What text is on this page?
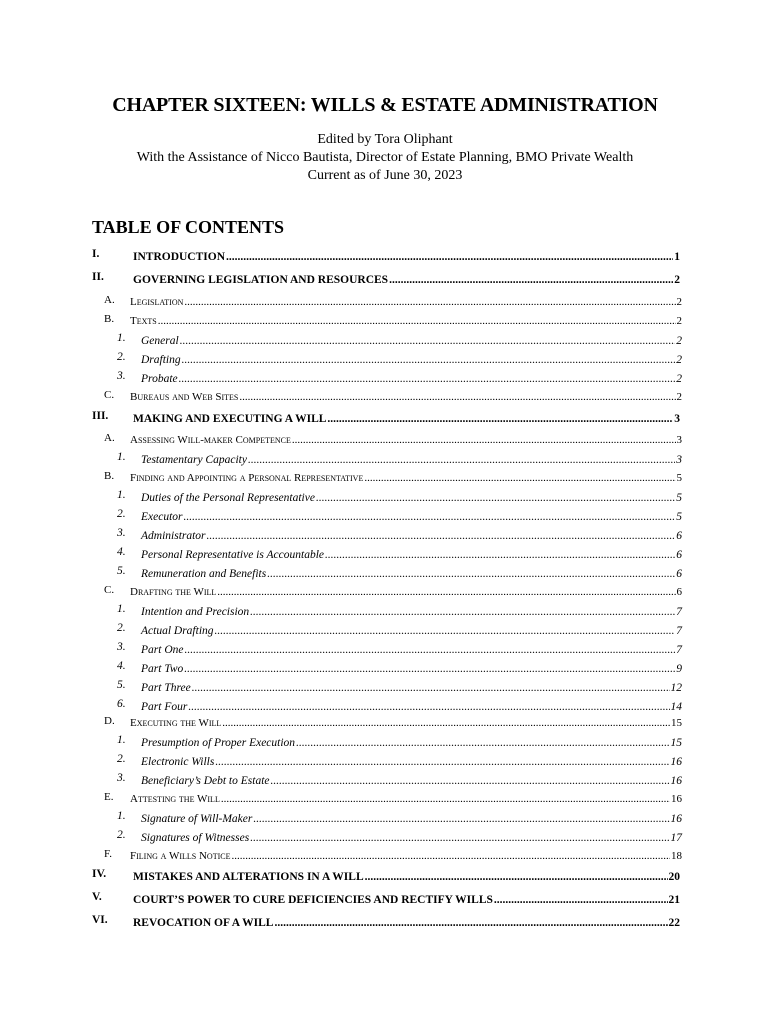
CHAPTER SIXTEEN: WILLS & ESTATE ADMINISTRATION
Edited by Tora Oliphant
With the Assistance of Nicco Bautista, Director of Estate Planning, BMO Private Wealth
Current as of June 30, 2023
TABLE OF CONTENTS
I.	INTRODUCTION .....	1
II.	GOVERNING LEGISLATION AND RESOURCES .....	2
A. Legislation .....	2
B. Texts .....	2
1. General .....	2
2. Drafting .....	2
3. Probate .....	2
C. Bureaus and Web Sites .....	2
III. MAKING AND EXECUTING A WILL .....	3
A. Assessing Will-maker Competence .....	3
1. Testamentary Capacity .....	3
B. Finding and Appointing a Personal Representative .....	5
1. Duties of the Personal Representative .....	5
2. Executor .....	5
3. Administrator .....	6
4. Personal Representative is Accountable .....	6
5. Remuneration and Benefits .....	6
C. Drafting the Will .....	6
1. Intention and Precision .....	7
2. Actual Drafting .....	7
3. Part One .....	7
4. Part Two .....	9
5. Part Three .....	12
6. Part Four .....	14
D. Executing the Will .....	15
1. Presumption of Proper Execution .....	15
2. Electronic Wills .....	16
3. Beneficiary’s Debt to Estate .....	16
E. Attesting the Will .....	16
1. Signature of Will-Maker .....	16
2. Signatures of Witnesses .....	17
F. Filing a Wills Notice .....	18
IV. MISTAKES AND ALTERATIONS IN A WILL .....	20
V.	COURT’S POWER TO CURE DEFICIENCIES AND RECTIFY WILLS .....	21
VI. REVOCATION OF A WILL .....	22
